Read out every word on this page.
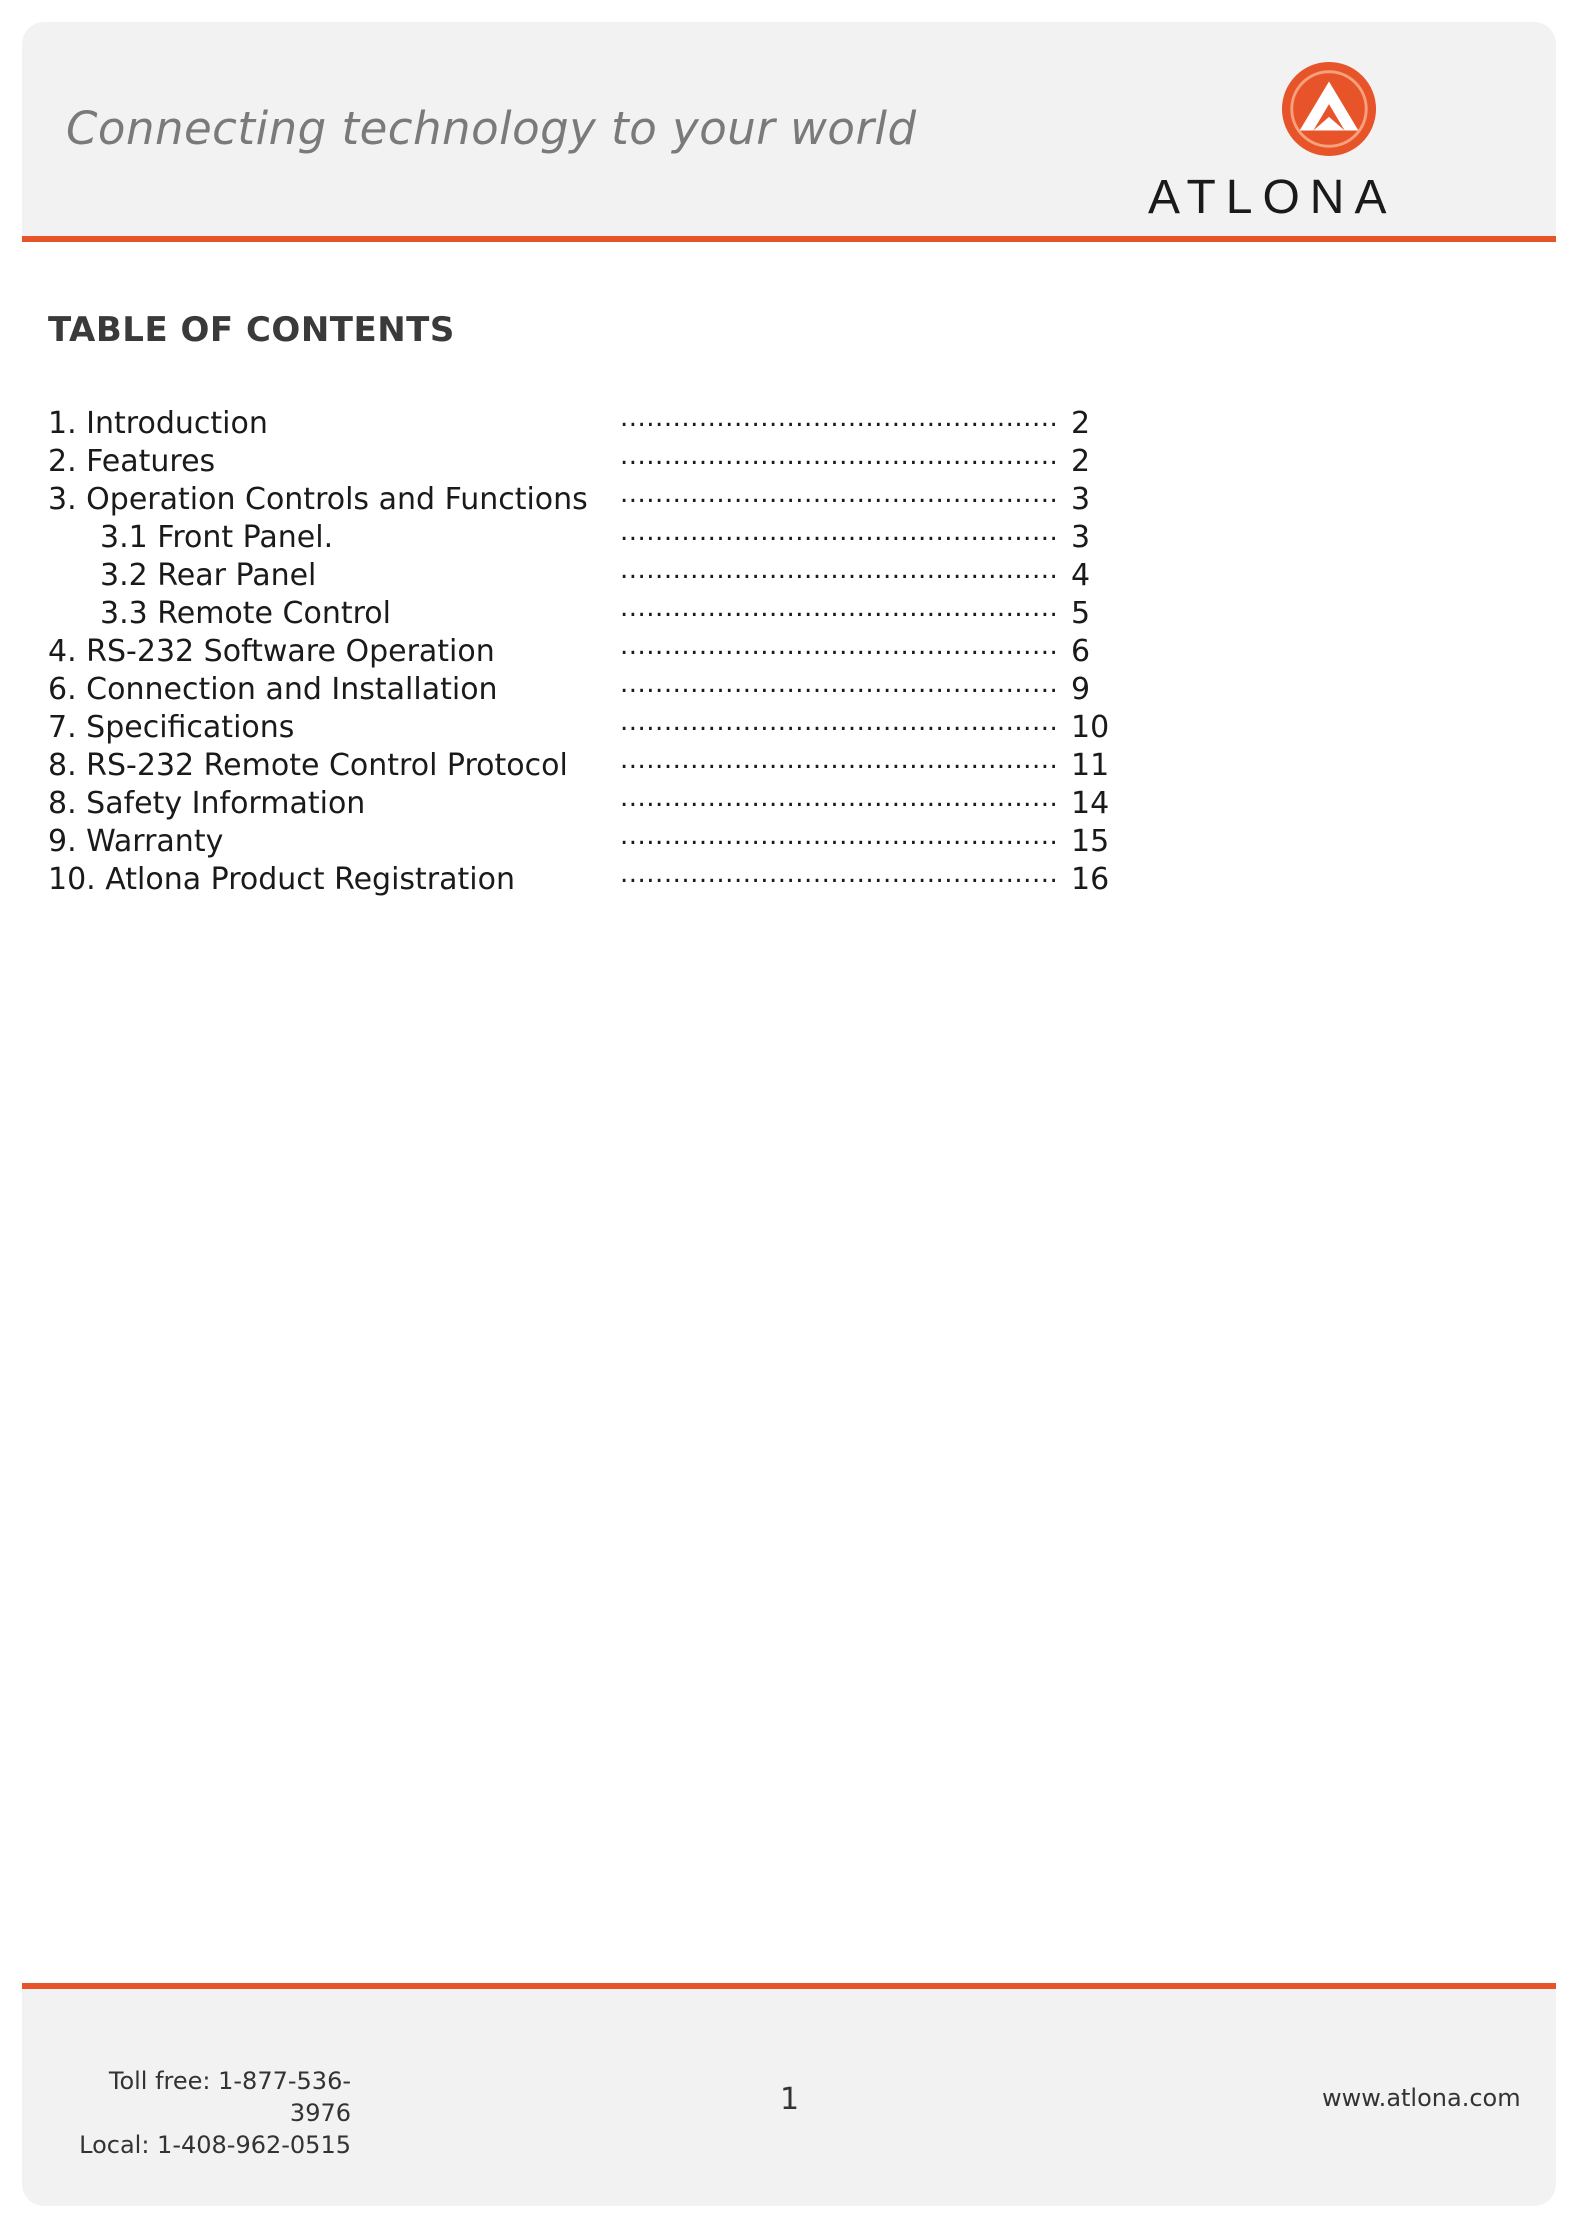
Connecting technology to your world
ATLONA
TABLE OF CONTENTS
1. Introduction	.................................................. 2
2. Features	.................................................. 2
3. Operation Controls and Functions .................................................. 3
3.1 Front Panel.	.................................................. 3
3.2 Rear Panel	.................................................. 4
3.3 Remote Control	.................................................. 5
4. RS-232 Software Operation	.................................................. 6
6. Connection and Installation	.................................................. 9
7. Specifications	.................................................. 10
8. RS-232 Remote Control Protocol .................................................. 11
8. Safety Information	.................................................. 14
9. Warranty	.................................................. 15
10. Atlona Product Registration	.................................................. 16
Toll free: 1-877-536-3976
Local: 1-408-962-0515
1	www.atlona.com
